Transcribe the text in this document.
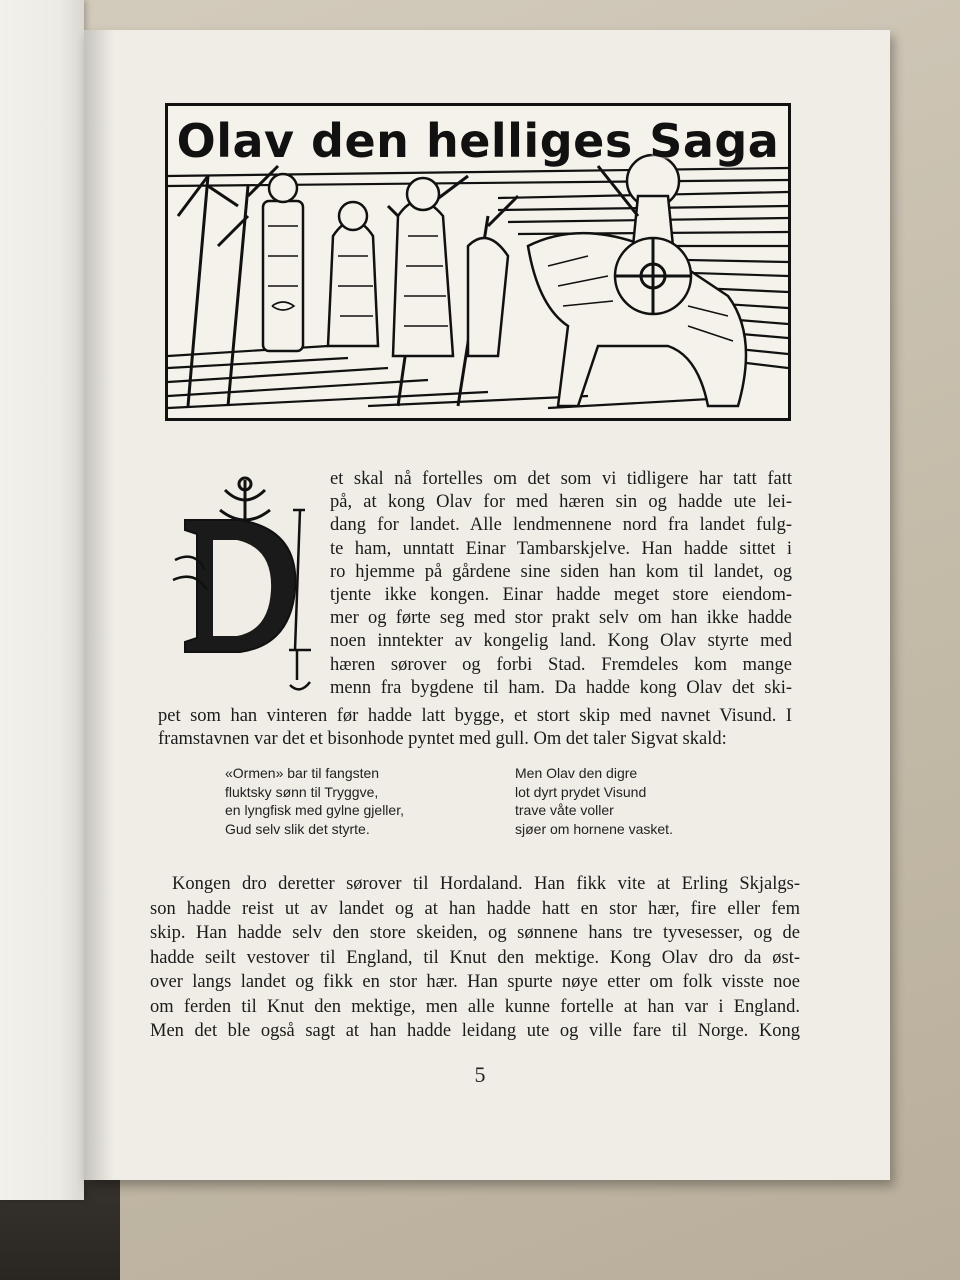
Olav den helliges Saga
et skal nå fortelles om det som vi tidligere har tatt fatt
på, at kong Olav for med hæren sin og hadde ute lei-
dang for landet. Alle lendmennene nord fra landet fulg-
te ham, unntatt Einar Tambarskjelve. Han hadde sittet i
ro hjemme på gårdene sine siden han kom til landet, og
tjente ikke kongen. Einar hadde meget store eiendom-
mer og førte seg med stor prakt selv om han ikke hadde
noen inntekter av kongelig land. Kong Olav styrte med
hæren sørover og forbi Stad. Fremdeles kom mange
menn fra bygdene til ham. Da hadde kong Olav det ski-
pet som han vinteren før hadde latt bygge, et stort skip med navnet Visund. I
framstavnen var det et bisonhode pyntet med gull. Om det taler Sigvat skald:
«Ormen» bar til fangsten
fluktsky sønn til Tryggve,
en lyngfisk med gylne gjeller,
Gud selv slik det styrte.
Men Olav den digre
lot dyrt prydet Visund
trave våte voller
sjøer om hornene vasket.
Kongen dro deretter sørover til Hordaland. Han fikk vite at Erling Skjalgs-
son hadde reist ut av landet og at han hadde hatt en stor hær, fire eller fem
skip. Han hadde selv den store skeiden, og sønnene hans tre tyvesesser, og de
hadde seilt vestover til England, til Knut den mektige. Kong Olav dro da øst-
over langs landet og fikk en stor hær. Han spurte nøye etter om folk visste noe
om ferden til Knut den mektige, men alle kunne fortelle at han var i England.
Men det ble også sagt at han hadde leidang ute og ville fare til Norge. Kong
5
